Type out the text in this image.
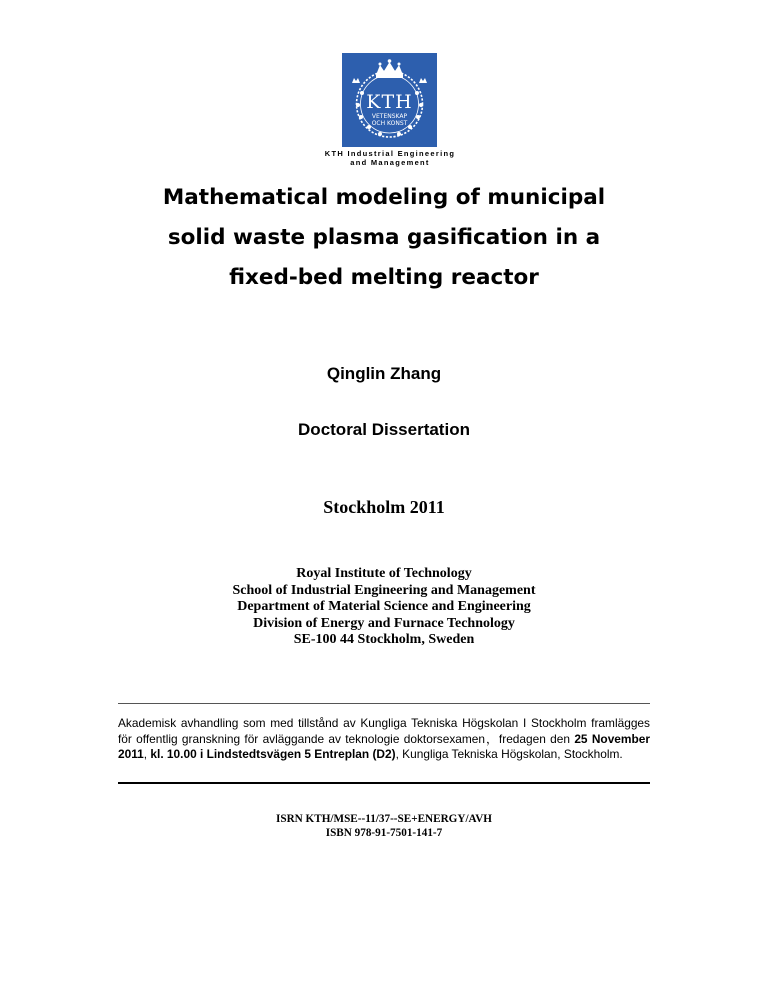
KTH
VETENSKAP
OCH KONST
KTH Industrial Engineering
and Management
Mathematical modeling of municipal
solid waste plasma gasification in a
fixed-bed melting reactor
Qinglin Zhang
Doctoral Dissertation
Stockholm 2011
Royal Institute of Technology
School of Industrial Engineering and Management
Department of Material Science and Engineering
Division of Energy and Furnace Technology
SE-100 44 Stockholm, Sweden
Akademisk avhandling som med tillstånd av Kungliga Tekniska Högskolan I Stockholm framlägges för offentlig granskning för avläggande av teknologie doktorsexamen，fredagen den 25 November 2011, kl. 10.00 i Lindstedtsvägen 5 Entreplan (D2), Kungliga Tekniska Högskolan, Stockholm.
ISRN KTH/MSE--11/37--SE+ENERGY/AVH
ISBN 978-91-7501-141-7
